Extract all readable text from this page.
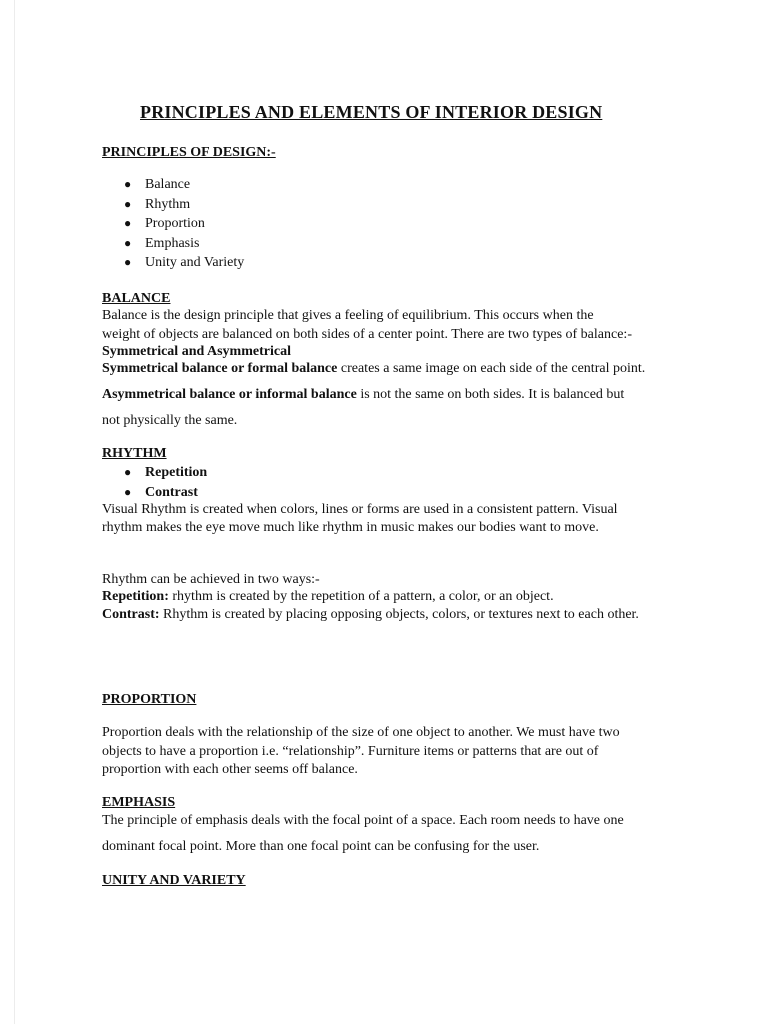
PRINCIPLES AND ELEMENTS OF INTERIOR DESIGN
PRINCIPLES OF DESIGN:-
● Balance
● Rhythm
● Proportion
● Emphasis
● Unity and Variety
BALANCE
Balance is the design principle that gives a feeling of equilibrium. This occurs when the
weight of objects are balanced on both sides of a center point. There are two types of balance:-
Symmetrical and Asymmetrical
Symmetrical balance or formal balance creates a same image on each side of the central point.
Asymmetrical balance or informal balance is not the same on both sides. It is balanced but
not physically the same.
RHYTHM
● Repetition
● Contrast
Visual Rhythm is created when colors, lines or forms are used in a consistent pattern. Visual
rhythm makes the eye move much like rhythm in music makes our bodies want to move.
Rhythm can be achieved in two ways:-
Repetition: rhythm is created by the repetition of a pattern, a color, or an object.
Contrast: Rhythm is created by placing opposing objects, colors, or textures next to each other.
PROPORTION
Proportion deals with the relationship of the size of one object to another. We must have two
objects to have a proportion i.e. “relationship”. Furniture items or patterns that are out of
proportion with each other seems off balance.
EMPHASIS
The principle of emphasis deals with the focal point of a space. Each room needs to have one
dominant focal point. More than one focal point can be confusing for the user.
UNITY AND VARIETY
